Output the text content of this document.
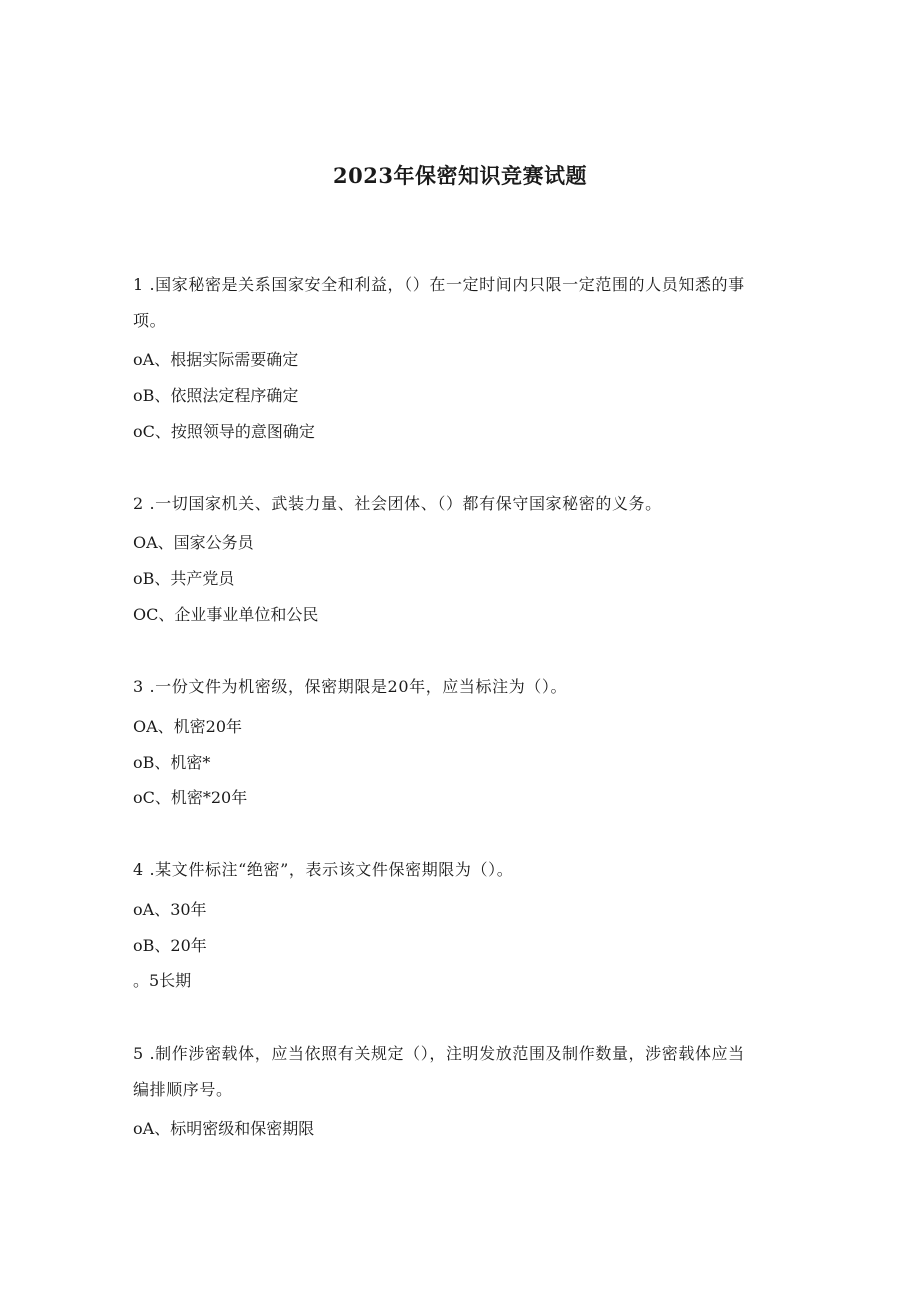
2023年保密知识竞赛试题
1 .国家秘密是关系国家安全和利益，（）在一定时间内只限一定范围的人员知悉的事
项。
oA、根据实际需要确定
oB、依照法定程序确定
oC、按照领导的意图确定
2 .一切国家机关、武装力量、社会团体、（）都有保守国家秘密的义务。
OA、国家公务员
oB、共产党员
OC、企业事业单位和公民
3 .一份文件为机密级，保密期限是20年，应当标注为（）。
OA、机密20年
oB、机密*
oC、机密*20年
4 .某文件标注“绝密”，表示该文件保密期限为（）。
oA、30年
oB、20年
。5长期
5 .制作涉密载体，应当依照有关规定（），注明发放范围及制作数量，涉密载体应当
编排顺序号。
oA、标明密级和保密期限
